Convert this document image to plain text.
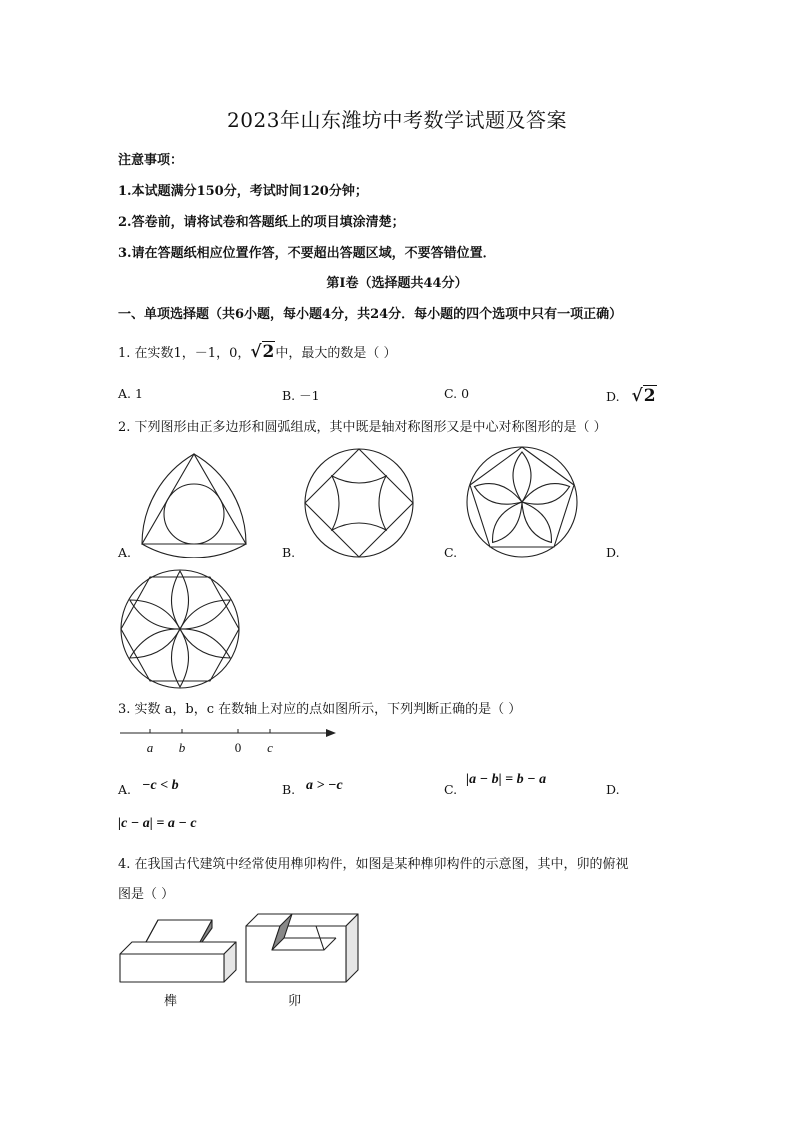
2023年山东潍坊中考数学试题及答案
注意事项：
1.本试题满分150分，考试时间120分钟；
2.答卷前，请将试卷和答题纸上的项目填涂清楚；
3.请在答题纸相应位置作答，不要超出答题区域，不要答错位置．
第Ⅰ卷（选择题共44分）
一、单项选择题（共6小题，每小题4分，共24分．每小题的四个选项中只有一项正确）
1. 在实数1，－1，0，√2中，最大的数是（ ）
A. 1	B. －1	C. 0	D. √2
2. 下列图形由正多边形和圆弧组成，其中既是轴对称图形又是中心对称图形的是（ ）
A.	B.	C.	D.
3. 实数 a，b，c 在数轴上对应的点如图所示，下列判断正确的是（ ）
a b	0 c
A. −c < b	B. a > −c	C.
|a − b| = b − a
D.
|c − a| = a − c
4. 在我国古代建筑中经常使用榫卯构件，如图是某种榫卯构件的示意图，其中，卯的俯视
图是（ ）
榫	卯
